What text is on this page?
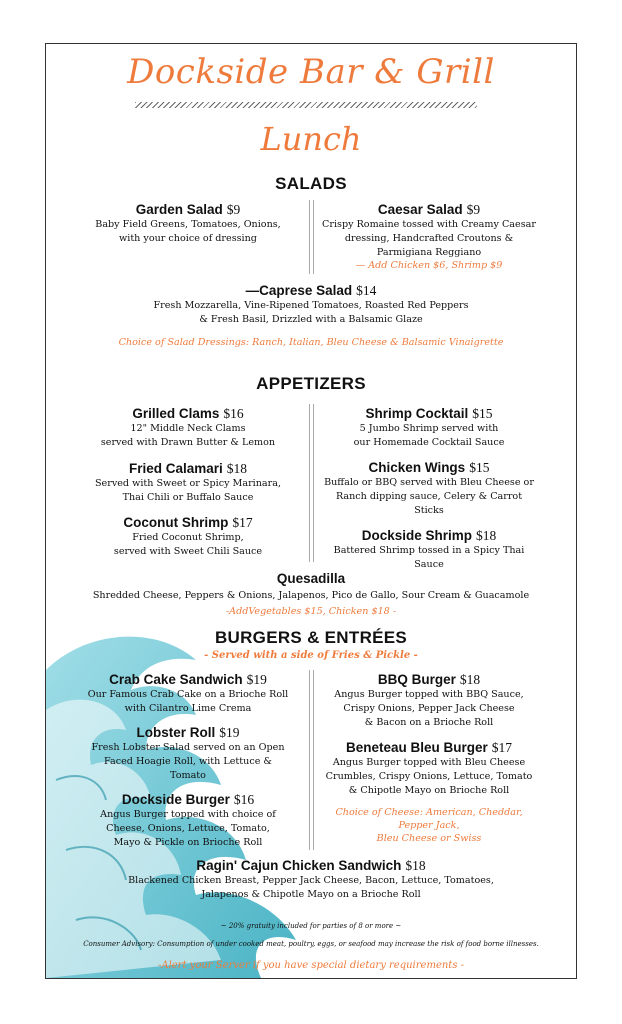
Dockside Bar & Grill
Lunch
SALADS
Garden Salad $9
Baby Field Greens, Tomatoes, Onions,
with your choice of dressing
Caesar Salad $9
Crispy Romaine tossed with Creamy Caesar
dressing, Handcrafted Croutons &
Parmigiana Reggiano
— Add Chicken $6, Shrimp $9
—Caprese Salad $14
Fresh Mozzarella, Vine-Ripened Tomatoes, Roasted Red Peppers
& Fresh Basil, Drizzled with a Balsamic Glaze
Choice of Salad Dressings: Ranch, Italian, Bleu Cheese & Balsamic Vinaigrette
APPETIZERS
Grilled Clams $16
12" Middle Neck Clams
served with Drawn Butter & Lemon
Fried Calamari $18
Served with Sweet or Spicy Marinara,
Thai Chili or Buffalo Sauce
Coconut Shrimp $17
Fried Coconut Shrimp,
served with Sweet Chili Sauce
Shrimp Cocktail $15
5 Jumbo Shrimp served with
our Homemade Cocktail Sauce
Chicken Wings $15
Buffalo or BBQ served with Bleu Cheese or
Ranch dipping sauce, Celery & Carrot
Sticks
Dockside Shrimp $18
Battered Shrimp tossed in a Spicy Thai Sauce
Quesadilla
Shredded Cheese, Peppers & Onions, Jalapenos, Pico de Gallo, Sour Cream & Guacamole
-AddVegetables $15, Chicken $18 -
BURGERS & ENTRÉES
- Served with a side of Fries & Pickle -
Crab Cake Sandwich $19
Our Famous Crab Cake on a Brioche Roll
with Cilantro Lime Crema
Lobster Roll $19
Fresh Lobster Salad served on an Open
Faced Hoagie Roll, with Lettuce &
Tomato
Dockside Burger $16
Angus Burger topped with choice of
Cheese, Onions, Lettuce, Tomato,
Mayo & Pickle on Brioche Roll
BBQ Burger $18
Angus Burger topped with BBQ Sauce,
Crispy Onions, Pepper Jack Cheese
& Bacon on a Brioche Roll
Beneteau Bleu Burger $17
Angus Burger topped with Bleu Cheese
Crumbles, Crispy Onions, Lettuce, Tomato
& Chipotle Mayo on Brioche Roll
Choice of Cheese: American, Cheddar, Pepper Jack,
Bleu Cheese or Swiss
Ragin' Cajun Chicken Sandwich $18
Blackened Chicken Breast, Pepper Jack Cheese, Bacon, Lettuce, Tomatoes,
Jalapenos & Chipotle Mayo on a Brioche Roll
~ 20% gratuity included for parties of 8 or more ~
Consumer Advisory: Consumption of under cooked meat, poultry, eggs, or seafood may increase the risk of food borne illnesses.
-Alert your Server if you have special dietary requirements -
